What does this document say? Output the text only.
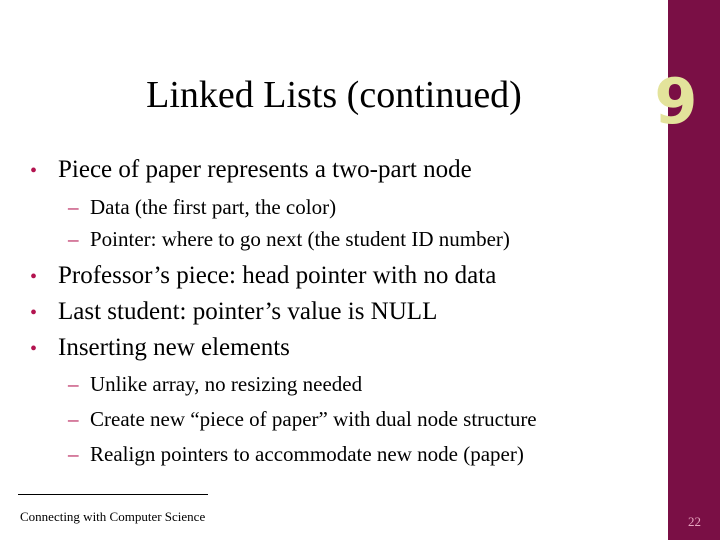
9
Linked Lists (continued)
• Piece of paper represents a two-part node
– Data (the first part, the color)
– Pointer: where to go next (the student ID number)
• Professor’s piece: head pointer with no data
• Last student: pointer’s value is NULL
• Inserting new elements
– Unlike array, no resizing needed
– Create new “piece of paper” with dual node structure
– Realign pointers to accommodate new node (paper)
Connecting with Computer Science	22
